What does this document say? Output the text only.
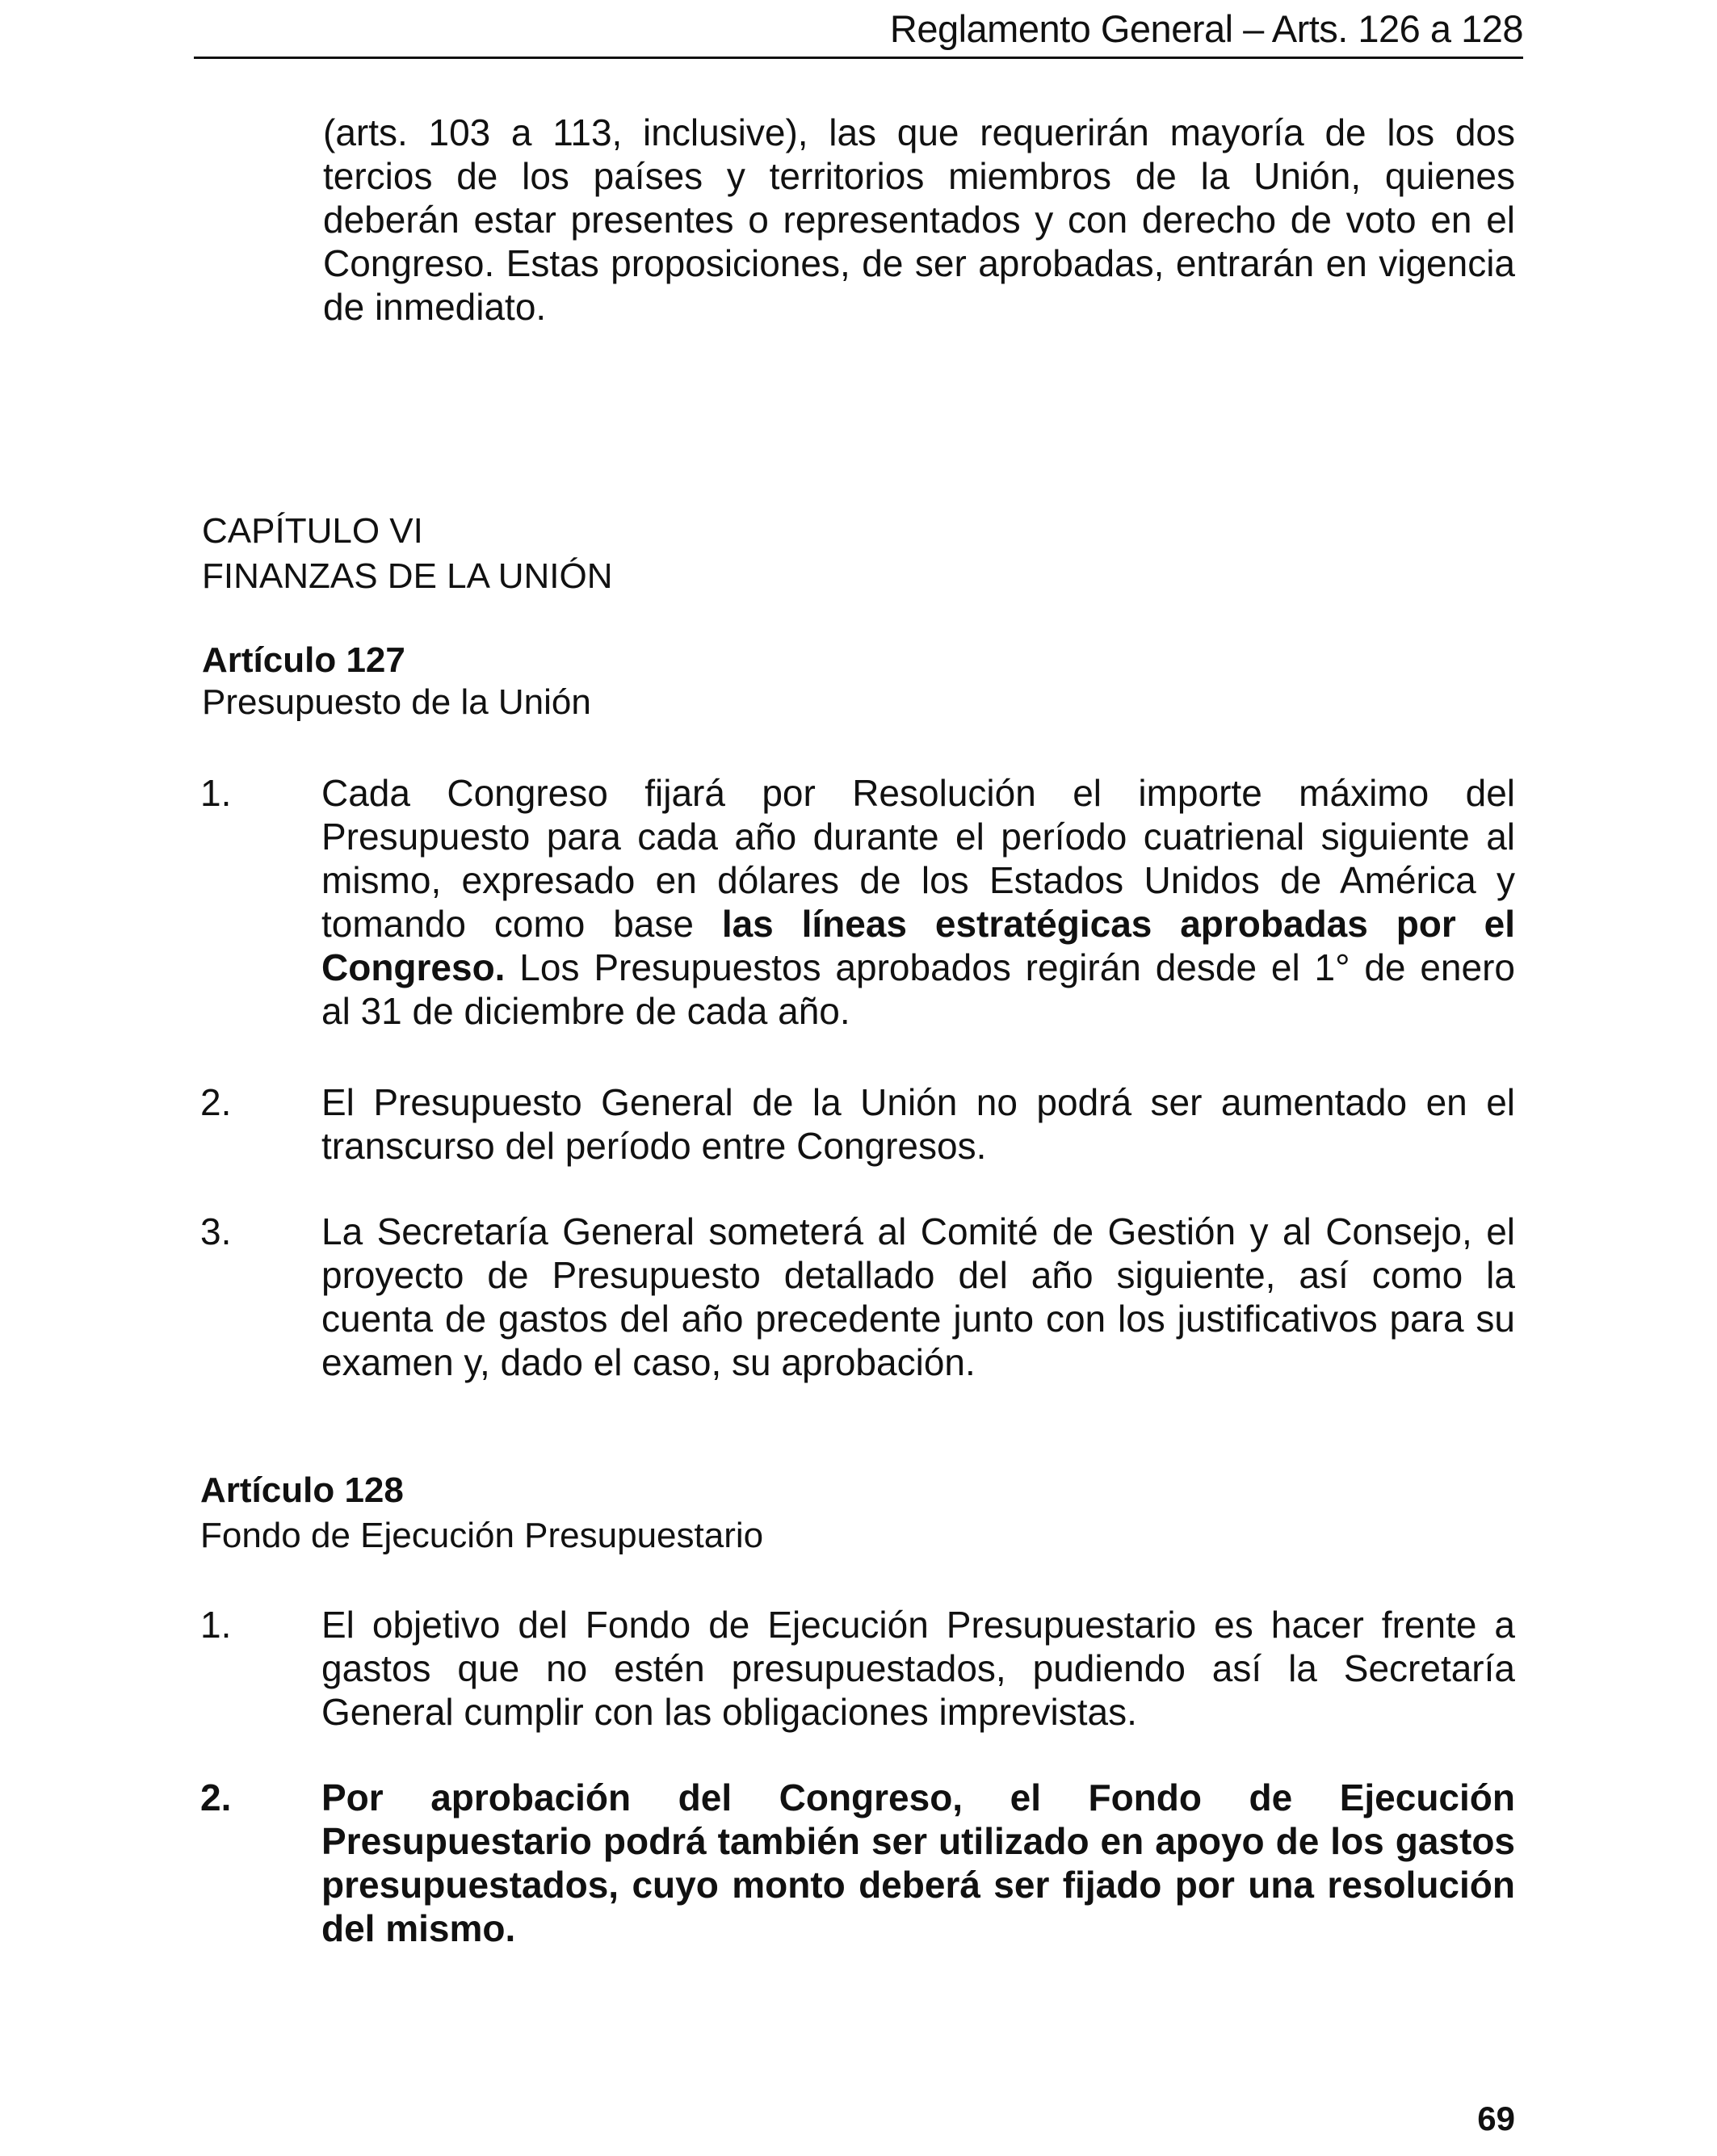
Reglamento General – Arts. 126 a 128
(arts. 103 a 113, inclusive), las que requerirán mayoría de los dos tercios de los países y territorios miembros de la Unión, quienes deberán estar presentes o representados y con derecho de voto en el Congreso. Estas proposiciones, de ser aprobadas, entrarán en vigencia de inmediato.
CAPÍTULO VI
FINANZAS DE LA UNIÓN
Artículo 127
Presupuesto de la Unión
1.	Cada Congreso fijará por Resolución el importe máximo del Presupuesto para cada año durante el período cuatrienal siguiente al mismo, expresado en dólares de los Estados Unidos de América y tomando como base las líneas estratégicas aprobadas por el Congreso. Los Presupuestos aprobados regirán desde el 1° de enero al 31 de diciembre de cada año.
2.	El Presupuesto General de la Unión no podrá ser aumentado en el transcurso del período entre Congresos.
3.	La Secretaría General someterá al Comité de Gestión y al Consejo, el proyecto de Presupuesto detallado del año siguiente, así como la cuenta de gastos del año precedente junto con los justificativos para su examen y, dado el caso, su aprobación.
Artículo 128
Fondo de Ejecución Presupuestario
1.	El objetivo del Fondo de Ejecución Presupuestario es hacer frente a gastos que no estén presupuestados, pudiendo así la Secretaría General cumplir con las obligaciones imprevistas.
2.	Por aprobación del Congreso, el Fondo de Ejecución Presupuestario podrá también ser utilizado en apoyo de los gastos presupuestados, cuyo monto deberá ser fijado por una resolución del mismo.
69
